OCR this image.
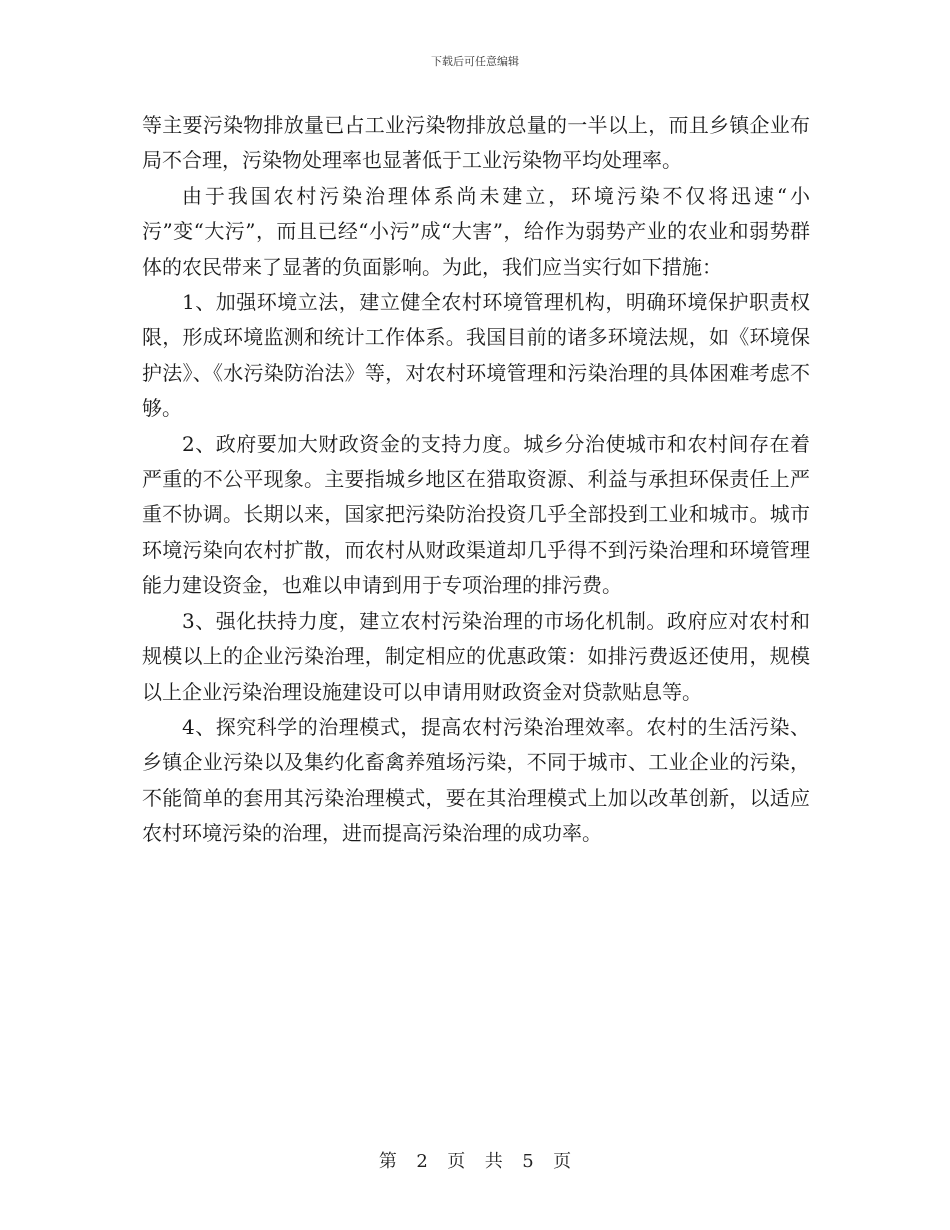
下载后可任意编辑

等主要污染物排放量已占工业污染物排放总量的一半以上，而且乡镇企业布局不合理，污染物处理率也显著低于工业污染物平均处理率。

由于我国农村污染治理体系尚未建立，环境污染不仅将迅速“小污”变“大污”，而且已经“小污”成“大害”，给作为弱势产业的农业和弱势群体的农民带来了显著的负面影响。为此，我们应当实行如下措施：

1、加强环境立法，建立健全农村环境管理机构，明确环境保护职责权限，形成环境监测和统计工作体系。我国目前的诸多环境法规，如《环境保护法》、《水污染防治法》等，对农村环境管理和污染治理的具体困难考虑不够。

2、政府要加大财政资金的支持力度。城乡分治使城市和农村间存在着严重的不公平现象。主要指城乡地区在猎取资源、利益与承担环保责任上严重不协调。长期以来，国家把污染防治投资几乎全部投到工业和城市。城市环境污染向农村扩散，而农村从财政渠道却几乎得不到污染治理和环境管理能力建设资金，也难以申请到用于专项治理的排污费。

3、强化扶持力度，建立农村污染治理的市场化机制。政府应对农村和规模以上的企业污染治理，制定相应的优惠政策：如排污费返还使用，规模以上企业污染治理设施建设可以申请用财政资金对贷款贴息等。

4、探究科学的治理模式，提高农村污染治理效率。农村的生活污染、乡镇企业污染以及集约化畜禽养殖场污染，不同于城市、工业企业的污染，不能简单的套用其污染治理模式，要在其治理模式上加以改革创新，以适应农村环境污染的治理，进而提高污染治理的成功率。

第 2 页 共 5 页
